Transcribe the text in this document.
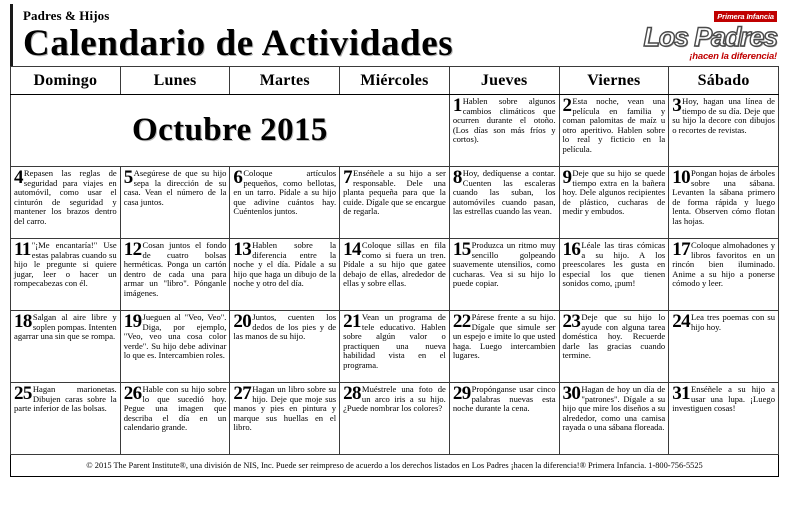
Padres & Hijos
Calendario de Actividades
Primera Infancia
Los Padres
¡hacen la diferencia!
Domingo	Lunes	Martes	Miércoles	Jueves	Viernes	Sábado

Octubre 2015				1 Hablen sobre algunos cambios climáticos que ocurren durante el otoño. (Los días son más fríos y cortos).	2 Esta noche, vean una película en familia y coman palomitas de maíz u otro aperitivo. Hablen sobre lo real y ficticio en la película.	3 Hoy, hagan una línea de tiempo de su día. Deje que su hijo la decore con dibujos o recortes de revistas.

4 Repasen las reglas de seguridad para viajes en automóvil, como usar el cinturón de seguridad y mantener los brazos dentro del carro.	5 Asegúrese de que su hijo sepa la dirección de su casa. Vean el número de la casa juntos.	6 Coloque artículos pequeños, como bellotas, en un tarro. Pídale a su hijo que adivine cuántos hay. Cuéntenlos juntos.	7 Enséñele a su hijo a ser responsable. Dele una planta pequeña para que la cuide. Dígale que se encargue de regarla.	8 Hoy, dedíquense a contar. Cuenten las escaleras cuando las suban, los automóviles cuando pasan, las estrellas cuando las vean.	9 Deje que su hijo se quede tiempo extra en la bañera hoy. Dele algunos recipientes de plástico, cucharas de medir y embudos.	10 Pongan hojas de árboles sobre una sábana. Levanten la sábana primero de forma rápida y luego lenta. Observen cómo flotan las hojas.

11 "¡Me encantaría!" Use estas palabras cuando su hijo le pregunte si quiere jugar, leer o hacer un rompecabezas con él.	12 Cosan juntos el fondo de cuatro bolsas herméticas. Ponga un cartón dentro de cada una para armar un "libro". Pónganle imágenes.	13 Hablen sobre la diferencia entre la noche y el día. Pídale a su hijo que haga un dibujo de la noche y otro del día.	14 Coloque sillas en fila como si fuera un tren. Pídale a su hijo que gatee debajo de ellas, alrededor de ellas y sobre ellas.	15 Produzca un ritmo muy sencillo golpeando suavemente utensilios, como cucharas. Vea si su hijo lo puede copiar.	16 Léale las tiras cómicas a su hijo. A los preescolares les gusta en especial los que tienen sonidos como, ¡pum!	17 Coloque almohadones y libros favoritos en un rincón bien iluminado. Anime a su hijo a ponerse cómodo y leer.

18 Salgan al aire libre y soplen pompas. Intenten agarrar una sin que se rompa.	19 Jueguen al "Veo, Veo". Diga, por ejemplo, "Veo, veo una cosa color verde". Su hijo debe adivinar lo que es. Intercambien roles.	20 Juntos, cuenten los dedos de los pies y de las manos de su hijo.	21 Vean un programa de tele educativo. Hablen sobre algún valor o practiquen una nueva habilidad vista en el programa.	22 Párese frente a su hijo. Dígale que simule ser un espejo e imite lo que usted haga. Luego intercambien lugares.	23 Deje que su hijo lo ayude con alguna tarea doméstica hoy. Recuerde darle las gracias cuando termine.	24 Lea tres poemas con su hijo hoy.

25 Hagan marionetas. Dibujen caras sobre la parte inferior de las bolsas.	26 Hable con su hijo sobre lo que sucedió hoy. Pegue una imagen que describa el día en un calendario grande.	27 Hagan un libro sobre su hijo. Deje que moje sus manos y pies en pintura y marque sus huellas en el libro.	28 Muéstrele una foto de un arco iris a su hijo. ¿Puede nombrar los colores?	29 Propónganse usar cinco palabras nuevas esta noche durante la cena.	30 Hagan de hoy un día de "patrones". Dígale a su hijo que mire los diseños a su alrededor, como una camisa rayada o una sábana floreada.	31 Enséñele a su hijo a usar una lupa. ¡Luego investiguen cosas!
© 2015 The Parent Institute®, una división de NIS, Inc. Puede ser reimpreso de acuerdo a los derechos listados en Los Padres ¡hacen la diferencia!® Primera Infancia. 1-800-756-5525
